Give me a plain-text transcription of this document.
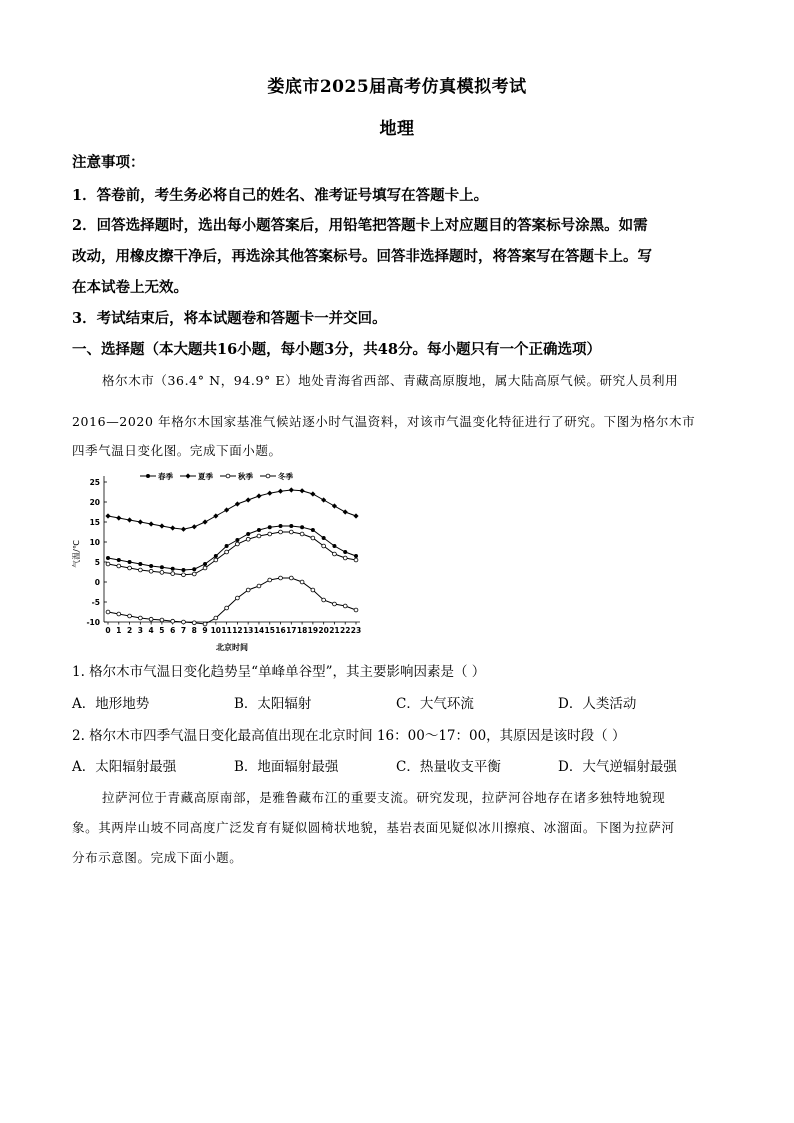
娄底市2025届高考仿真模拟考试
地理
注意事项：
1．答卷前，考生务必将自己的姓名、准考证号填写在答题卡上。
2．回答选择题时，选出每小题答案后，用铅笔把答题卡上对应题目的答案标号涂黑。如需
改动，用橡皮擦干净后，再选涂其他答案标号。回答非选择题时，将答案写在答题卡上。写
在本试卷上无效。
3．考试结束后，将本试题卷和答题卡一并交回。
一、选择题（本大题共16小题，每小题3分，共48分。每小题只有一个正确选项）
格尔木市（36.4° N，94.9° E）地处青海省西部、青藏高原腹地，属大陆高原气候。研究人员利用
2016—2020 年格尔木国家基准气候站逐小时气温资料，对该市气温变化特征进行了研究。下图为格尔木市
四季气温日变化图。完成下面小题。
春季	夏季	秋季	冬季
25
20
15
10
5
0
-5
-10
0 1 2 3 4 5 6 7 8 9 10 11 12 13 14 15 16 17 18 19 20 21 22 23
气温/℃
北京时间
1. 格尔木市气温日变化趋势呈“单峰单谷型”，其主要影响因素是（ ）
A．地形地势	B．太阳辐射	C．大气环流	D．人类活动
2. 格尔木市四季气温日变化最高值出现在北京时间 16：00～17：00，其原因是该时段（ ）
A．太阳辐射最强	B．地面辐射最强	C．热量收支平衡	D．大气逆辐射最强
拉萨河位于青藏高原南部，是雅鲁藏布江的重要支流。研究发现，拉萨河谷地存在诸多独特地貌现
象。其两岸山坡不同高度广泛发育有疑似圆椅状地貌，基岩表面见疑似冰川擦痕、冰溜面。下图为拉萨河
分布示意图。完成下面小题。
